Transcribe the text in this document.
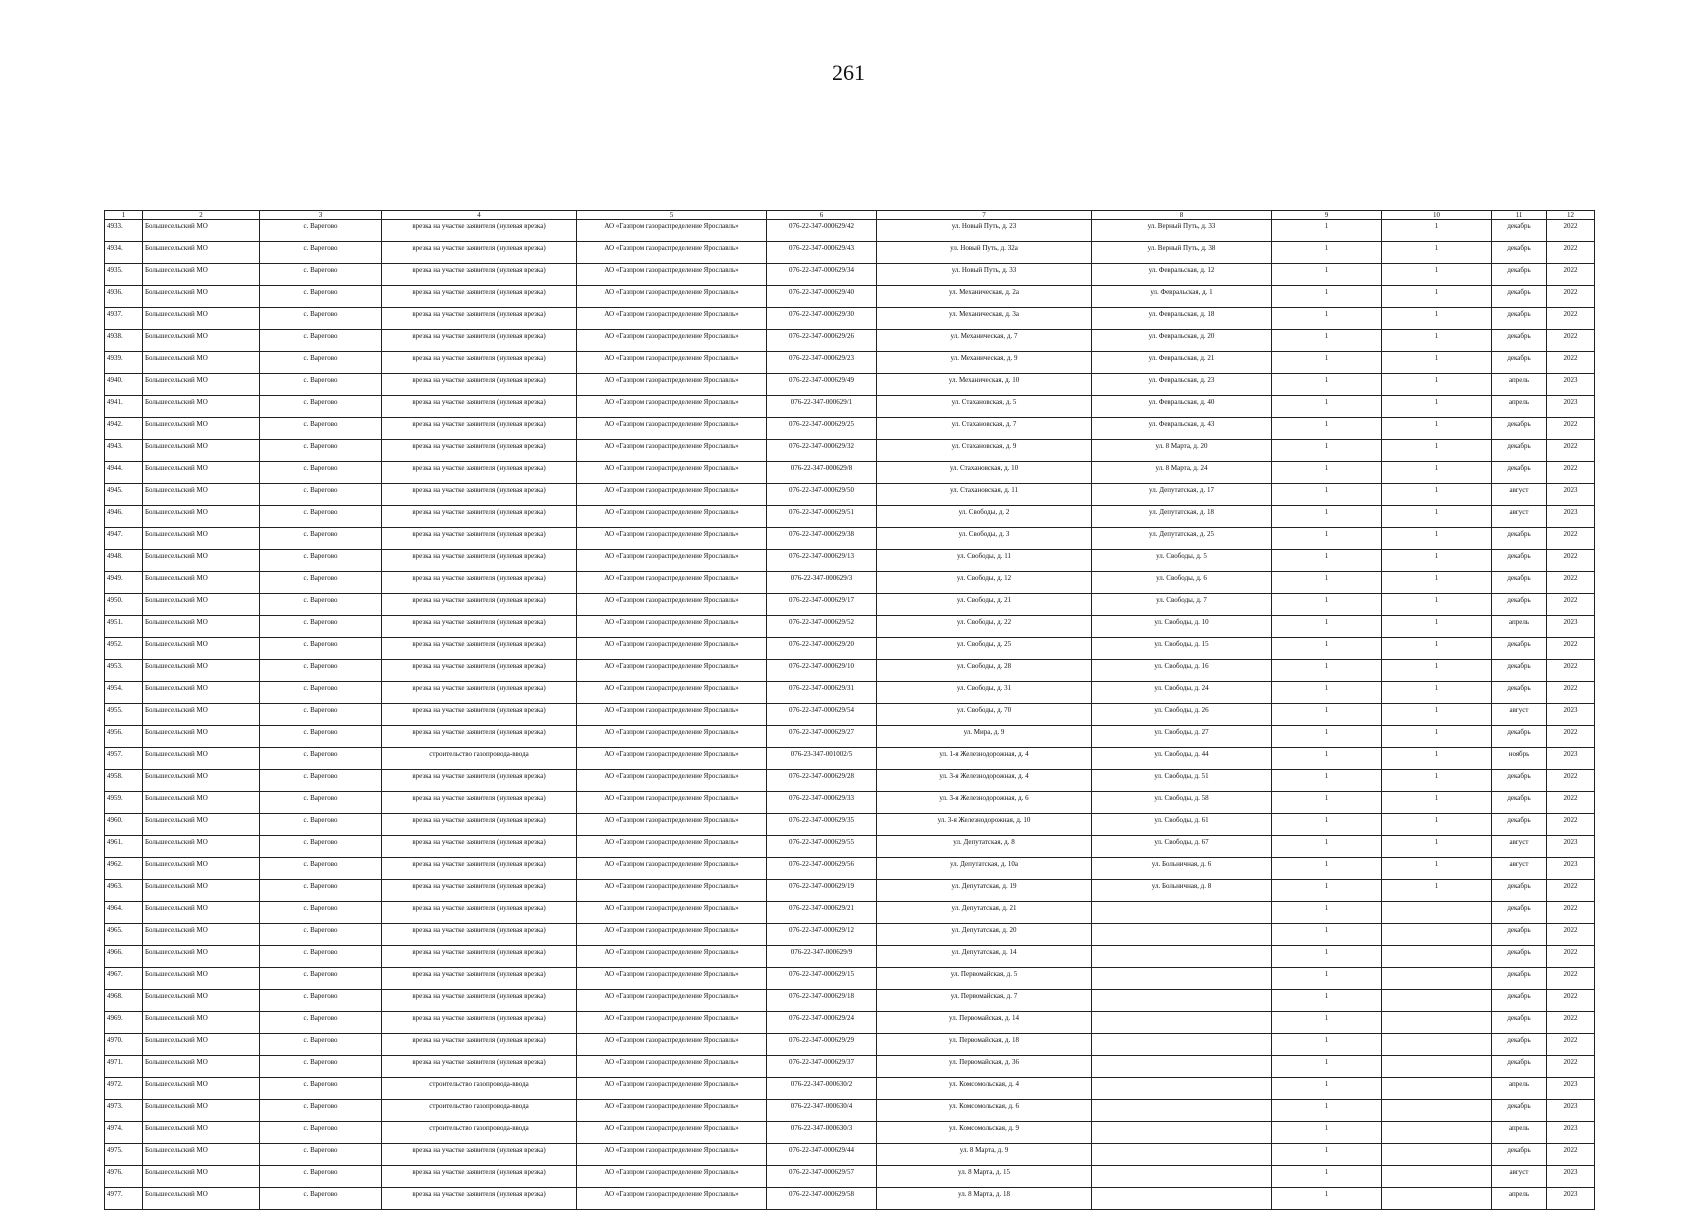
261
1	2	3	4	5	6	7	8	9	10	11	12
4933.	Большесельский МО	с. Варегово	врезка на участке заявителя (нулевая врезка)	АО «Газпром газораспределение Ярославль»	076-22-347-000629/42	ул. Новый Путь, д. 23	ул. Верный Путь, д. 33	1	1	декабрь	2022
4934.	Большесельский МО	с. Варегово	врезка на участке заявителя (нулевая врезка)	АО «Газпром газораспределение Ярославль»	076-22-347-000629/43	ул. Новый Путь, д. 32а	ул. Верный Путь, д. 38	1	1	декабрь	2022
4935.	Большесельский МО	с. Варегово	врезка на участке заявителя (нулевая врезка)	АО «Газпром газораспределение Ярославль»	076-22-347-000629/34	ул. Новый Путь, д. 33	ул. Февральская, д. 12	1	1	декабрь	2022
4936.	Большесельский МО	с. Варегово	врезка на участке заявителя (нулевая врезка)	АО «Газпром газораспределение Ярославль»	076-22-347-000629/40	ул. Механическая, д. 2а	ул. Февральская, д. 1	1	1	декабрь	2022
4937.	Большесельский МО	с. Варегово	врезка на участке заявителя (нулевая врезка)	АО «Газпром газораспределение Ярославль»	076-22-347-000629/30	ул. Механическая, д. 3а	ул. Февральская, д. 18	1	1	декабрь	2022
4938.	Большесельский МО	с. Варегово	врезка на участке заявителя (нулевая врезка)	АО «Газпром газораспределение Ярославль»	076-22-347-000629/26	ул. Механическая, д. 7	ул. Февральская, д. 20	1	1	декабрь	2022
4939.	Большесельский МО	с. Варегово	врезка на участке заявителя (нулевая врезка)	АО «Газпром газораспределение Ярославль»	076-22-347-000629/23	ул. Механическая, д. 9	ул. Февральская, д. 21	1	1	декабрь	2022
4940.	Большесельский МО	с. Варегово	врезка на участке заявителя (нулевая врезка)	АО «Газпром газораспределение Ярославль»	076-22-347-000629/49	ул. Механическая, д. 10	ул. Февральская, д. 23	1	1	апрель	2023
4941.	Большесельский МО	с. Варегово	врезка на участке заявителя (нулевая врезка)	АО «Газпром газораспределение Ярославль»	076-22-347-000629/1	ул. Стахановская, д. 5	ул. Февральская, д. 40	1	1	апрель	2023
4942.	Большесельский МО	с. Варегово	врезка на участке заявителя (нулевая врезка)	АО «Газпром газораспределение Ярославль»	076-22-347-000629/25	ул. Стахановская, д. 7	ул. Февральская, д. 43	1	1	декабрь	2022
4943.	Большесельский МО	с. Варегово	врезка на участке заявителя (нулевая врезка)	АО «Газпром газораспределение Ярославль»	076-22-347-000629/32	ул. Стахановская, д. 9	ул. 8 Марта, д. 20	1	1	декабрь	2022
4944.	Большесельский МО	с. Варегово	врезка на участке заявителя (нулевая врезка)	АО «Газпром газораспределение Ярославль»	076-22-347-000629/8	ул. Стахановская, д. 10	ул. 8 Марта, д. 24	1	1	декабрь	2022
4945.	Большесельский МО	с. Варегово	врезка на участке заявителя (нулевая врезка)	АО «Газпром газораспределение Ярославль»	076-22-347-000629/50	ул. Стахановская, д. 11	ул. Депутатская, д. 17	1	1	август	2023
4946.	Большесельский МО	с. Варегово	врезка на участке заявителя (нулевая врезка)	АО «Газпром газораспределение Ярославль»	076-22-347-000629/51	ул. Свободы, д. 2	ул. Депутатская, д. 18	1	1	август	2023
4947.	Большесельский МО	с. Варегово	врезка на участке заявителя (нулевая врезка)	АО «Газпром газораспределение Ярославль»	076-22-347-000629/38	ул. Свободы, д. 3	ул. Депутатская, д. 25	1	1	декабрь	2022
4948.	Большесельский МО	с. Варегово	врезка на участке заявителя (нулевая врезка)	АО «Газпром газораспределение Ярославль»	076-22-347-000629/13	ул. Свободы, д. 11	ул. Свободы, д. 5	1	1	декабрь	2022
4949.	Большесельский МО	с. Варегово	врезка на участке заявителя (нулевая врезка)	АО «Газпром газораспределение Ярославль»	076-22-347-000629/3	ул. Свободы, д. 12	ул. Свободы, д. 6	1	1	декабрь	2022
4950.	Большесельский МО	с. Варегово	врезка на участке заявителя (нулевая врезка)	АО «Газпром газораспределение Ярославль»	076-22-347-000629/17	ул. Свободы, д. 21	ул. Свободы, д. 7	1	1	декабрь	2022
4951.	Большесельский МО	с. Варегово	врезка на участке заявителя (нулевая врезка)	АО «Газпром газораспределение Ярославль»	076-22-347-000629/52	ул. Свободы, д. 22	ул. Свободы, д. 10	1	1	апрель	2023
4952.	Большесельский МО	с. Варегово	врезка на участке заявителя (нулевая врезка)	АО «Газпром газораспределение Ярославль»	076-22-347-000629/20	ул. Свободы, д. 25	ул. Свободы, д. 15	1	1	декабрь	2022
4953.	Большесельский МО	с. Варегово	врезка на участке заявителя (нулевая врезка)	АО «Газпром газораспределение Ярославль»	076-22-347-000629/10	ул. Свободы, д. 28	ул. Свободы, д. 16	1	1	декабрь	2022
4954.	Большесельский МО	с. Варегово	врезка на участке заявителя (нулевая врезка)	АО «Газпром газораспределение Ярославль»	076-22-347-000629/31	ул. Свободы, д. 31	ул. Свободы, д. 24	1	1	декабрь	2022
4955.	Большесельский МО	с. Варегово	врезка на участке заявителя (нулевая врезка)	АО «Газпром газораспределение Ярославль»	076-22-347-000629/54	ул. Свободы, д. 70	ул. Свободы, д. 26	1	1	август	2023
4956.	Большесельский МО	с. Варегово	врезка на участке заявителя (нулевая врезка)	АО «Газпром газораспределение Ярославль»	076-22-347-000629/27	ул. Мира, д. 9	ул. Свободы, д. 27	1	1	декабрь	2022
4957.	Большесельский МО	с. Варегово	строительство газопровода-ввода	АО «Газпром газораспределение Ярославль»	076-23-347-001002/5	ул. 1-я Железнодорожная, д. 4	ул. Свободы, д. 44	1	1	ноябрь	2023
4958.	Большесельский МО	с. Варегово	врезка на участке заявителя (нулевая врезка)	АО «Газпром газораспределение Ярославль»	076-22-347-000629/28	ул. 3-я Железнодорожная, д. 4	ул. Свободы, д. 51	1	1	декабрь	2022
4959.	Большесельский МО	с. Варегово	врезка на участке заявителя (нулевая врезка)	АО «Газпром газораспределение Ярославль»	076-22-347-000629/33	ул. 3-я Железнодорожная, д. 6	ул. Свободы, д. 58	1	1	декабрь	2022
4960.	Большесельский МО	с. Варегово	врезка на участке заявителя (нулевая врезка)	АО «Газпром газораспределение Ярославль»	076-22-347-000629/35	ул. 3-я Железнодорожная, д. 10	ул. Свободы, д. 61	1	1	декабрь	2022
4961.	Большесельский МО	с. Варегово	врезка на участке заявителя (нулевая врезка)	АО «Газпром газораспределение Ярославль»	076-22-347-000629/55	ул. Депутатская, д. 8	ул. Свободы, д. 67	1	1	август	2023
4962.	Большесельский МО	с. Варегово	врезка на участке заявителя (нулевая врезка)	АО «Газпром газораспределение Ярославль»	076-22-347-000629/56	ул. Депутатская, д. 10а	ул. Больничная, д. 6	1	1	август	2023
4963.	Большесельский МО	с. Варегово	врезка на участке заявителя (нулевая врезка)	АО «Газпром газораспределение Ярославль»	076-22-347-000629/19	ул. Депутатская, д. 19	ул. Больничная, д. 8	1	1	декабрь	2022
4964.	Большесельский МО	с. Варегово	врезка на участке заявителя (нулевая врезка)	АО «Газпром газораспределение Ярославль»	076-22-347-000629/21	ул. Депутатская, д. 21		1		декабрь	2022
4965.	Большесельский МО	с. Варегово	врезка на участке заявителя (нулевая врезка)	АО «Газпром газораспределение Ярославль»	076-22-347-000629/12	ул. Депутатская, д. 20		1		декабрь	2022
4966.	Большесельский МО	с. Варегово	врезка на участке заявителя (нулевая врезка)	АО «Газпром газораспределение Ярославль»	076-22-347-000629/9	ул. Депутатская, д. 14		1		декабрь	2022
4967.	Большесельский МО	с. Варегово	врезка на участке заявителя (нулевая врезка)	АО «Газпром газораспределение Ярославль»	076-22-347-000629/15	ул. Первомайская, д. 5		1		декабрь	2022
4968.	Большесельский МО	с. Варегово	врезка на участке заявителя (нулевая врезка)	АО «Газпром газораспределение Ярославль»	076-22-347-000629/18	ул. Первомайская, д. 7		1		декабрь	2022
4969.	Большесельский МО	с. Варегово	врезка на участке заявителя (нулевая врезка)	АО «Газпром газораспределение Ярославль»	076-22-347-000629/24	ул. Первомайская, д. 14		1		декабрь	2022
4970.	Большесельский МО	с. Варегово	врезка на участке заявителя (нулевая врезка)	АО «Газпром газораспределение Ярославль»	076-22-347-000629/29	ул. Первомайская, д. 18		1		декабрь	2022
4971.	Большесельский МО	с. Варегово	врезка на участке заявителя (нулевая врезка)	АО «Газпром газораспределение Ярославль»	076-22-347-000629/37	ул. Первомайская, д. 36		1		декабрь	2022
4972.	Большесельский МО	с. Варегово	строительство газопровода-ввода	АО «Газпром газораспределение Ярославль»	076-22-347-000630/2	ул. Комсомольская, д. 4		1		апрель	2023
4973.	Большесельский МО	с. Варегово	строительство газопровода-ввода	АО «Газпром газораспределение Ярославль»	076-22-347-000630/4	ул. Комсомольская, д. 6		1		декабрь	2023
4974.	Большесельский МО	с. Варегово	строительство газопровода-ввода	АО «Газпром газораспределение Ярославль»	076-22-347-000630/3	ул. Комсомольская, д. 9		1		апрель	2023
4975.	Большесельский МО	с. Варегово	врезка на участке заявителя (нулевая врезка)	АО «Газпром газораспределение Ярославль»	076-22-347-000629/44	ул. 8 Марта, д. 9		1		декабрь	2022
4976.	Большесельский МО	с. Варегово	врезка на участке заявителя (нулевая врезка)	АО «Газпром газораспределение Ярославль»	076-22-347-000629/57	ул. 8 Марта, д. 15		1		август	2023
4977.	Большесельский МО	с. Варегово	врезка на участке заявителя (нулевая врезка)	АО «Газпром газораспределение Ярославль»	076-22-347-000629/58	ул. 8 Марта, д. 18		1		апрель	2023
